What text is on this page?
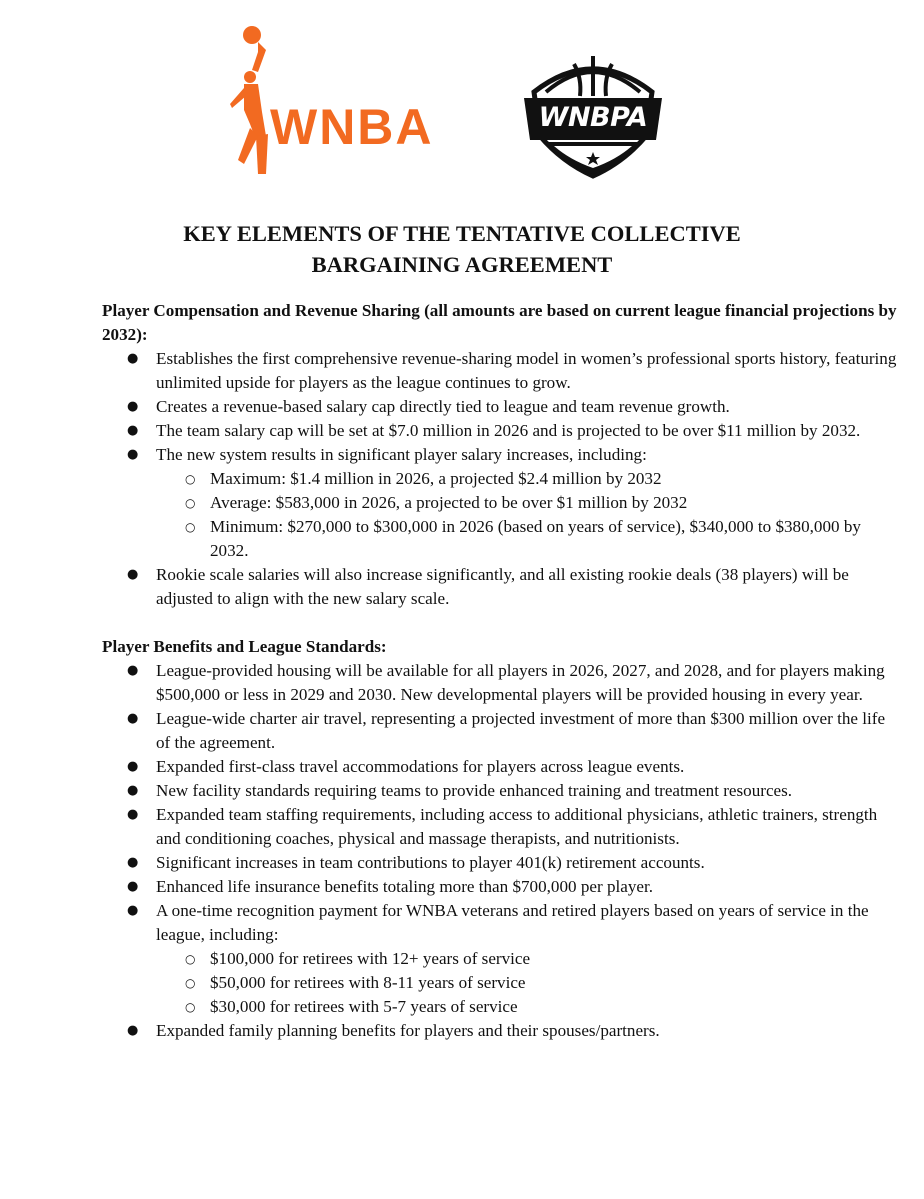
WNBA	WNBPA
KEY ELEMENTS OF THE TENTATIVE COLLECTIVE
BARGAINING AGREEMENT

Player Compensation and Revenue Sharing (all amounts are based on current league financial projections by 2032):

● Establishes the first comprehensive revenue-sharing model in women’s professional sports history, featuring unlimited upside for players as the league continues to grow.
● Creates a revenue-based salary cap directly tied to league and team revenue growth.
● The team salary cap will be set at $7.0 million in 2026 and is projected to be over $11 million by 2032.
● The new system results in significant player salary increases, including:
○ Maximum: $1.4 million in 2026, a projected $2.4 million by 2032
○ Average: $583,000 in 2026, a projected to be over $1 million by 2032
○ Minimum: $270,000 to $300,000 in 2026 (based on years of service), $340,000 to $380,000 by 2032.
● Rookie scale salaries will also increase significantly, and all existing rookie deals (38 players) will be adjusted to align with the new salary scale.

Player Benefits and League Standards:

● League-provided housing will be available for all players in 2026, 2027, and 2028, and for players making $500,000 or less in 2029 and 2030. New developmental players will be provided housing in every year.
● League-wide charter air travel, representing a projected investment of more than $300 million over the life of the agreement.
● Expanded first-class travel accommodations for players across league events.
● New facility standards requiring teams to provide enhanced training and treatment resources.
● Expanded team staffing requirements, including access to additional physicians, athletic trainers, strength and conditioning coaches, physical and massage therapists, and nutritionists.
● Significant increases in team contributions to player 401(k) retirement accounts.
● Enhanced life insurance benefits totaling more than $700,000 per player.
● A one-time recognition payment for WNBA veterans and retired players based on years of service in the league, including:
○ $100,000 for retirees with 12+ years of service
○ $50,000 for retirees with 8-11 years of service
○ $30,000 for retirees with 5-7 years of service
● Expanded family planning benefits for players and their spouses/partners.
